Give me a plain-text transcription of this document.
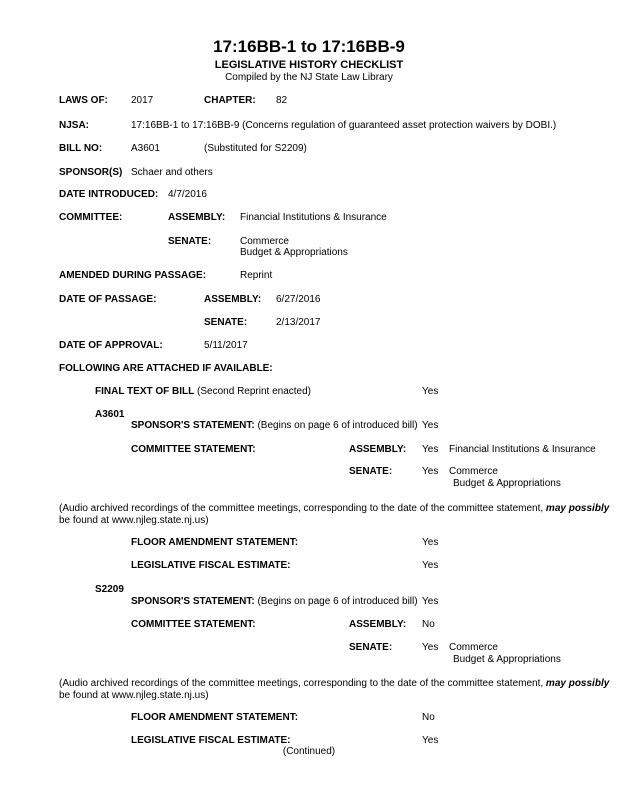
17:16BB-1 to 17:16BB-9
LEGISLATIVE HISTORY CHECKLIST
Compiled by the NJ State Law Library
LAWS OF: 2017	CHAPTER: 82
NJSA:	17:16BB-1 to 17:16BB-9 (Concerns regulation of guaranteed asset protection waivers by DOBI.)
BILL NO:	A3601	(Substituted for S2209)
SPONSOR(S) Schaer and others
DATE INTRODUCED: 4/7/2016
COMMITTEE:	ASSEMBLY: Financial Institutions & Insurance
SENATE:	Commerce
Budget & Appropriations
AMENDED DURING PASSAGE:	Reprint
DATE OF PASSAGE:	ASSEMBLY: 6/27/2016
SENATE:	2/13/2017
DATE OF APPROVAL:	5/11/2017
FOLLOWING ARE ATTACHED IF AVAILABLE:
FINAL TEXT OF BILL (Second Reprint enacted)	Yes
A3601
SPONSOR'S STATEMENT: (Begins on page 6 of introduced bill) Yes
COMMITTEE STATEMENT:	ASSEMBLY: Yes Financial Institutions & Insurance
SENATE:	Yes Commerce
Budget & Appropriations
(Audio archived recordings of the committee meetings, corresponding to the date of the committee statement, may possibly
be found at www.njleg.state.nj.us)
FLOOR AMENDMENT STATEMENT:	Yes
LEGISLATIVE FISCAL ESTIMATE:	Yes
S2209
SPONSOR'S STATEMENT: (Begins on page 6 of introduced bill) Yes
COMMITTEE STATEMENT:	ASSEMBLY: No
SENATE:	Yes Commerce
Budget & Appropriations
(Audio archived recordings of the committee meetings, corresponding to the date of the committee statement, may possibly
be found at www.njleg.state.nj.us)
FLOOR AMENDMENT STATEMENT:	No
LEGISLATIVE FISCAL ESTIMATE:	Yes
(Continued)
